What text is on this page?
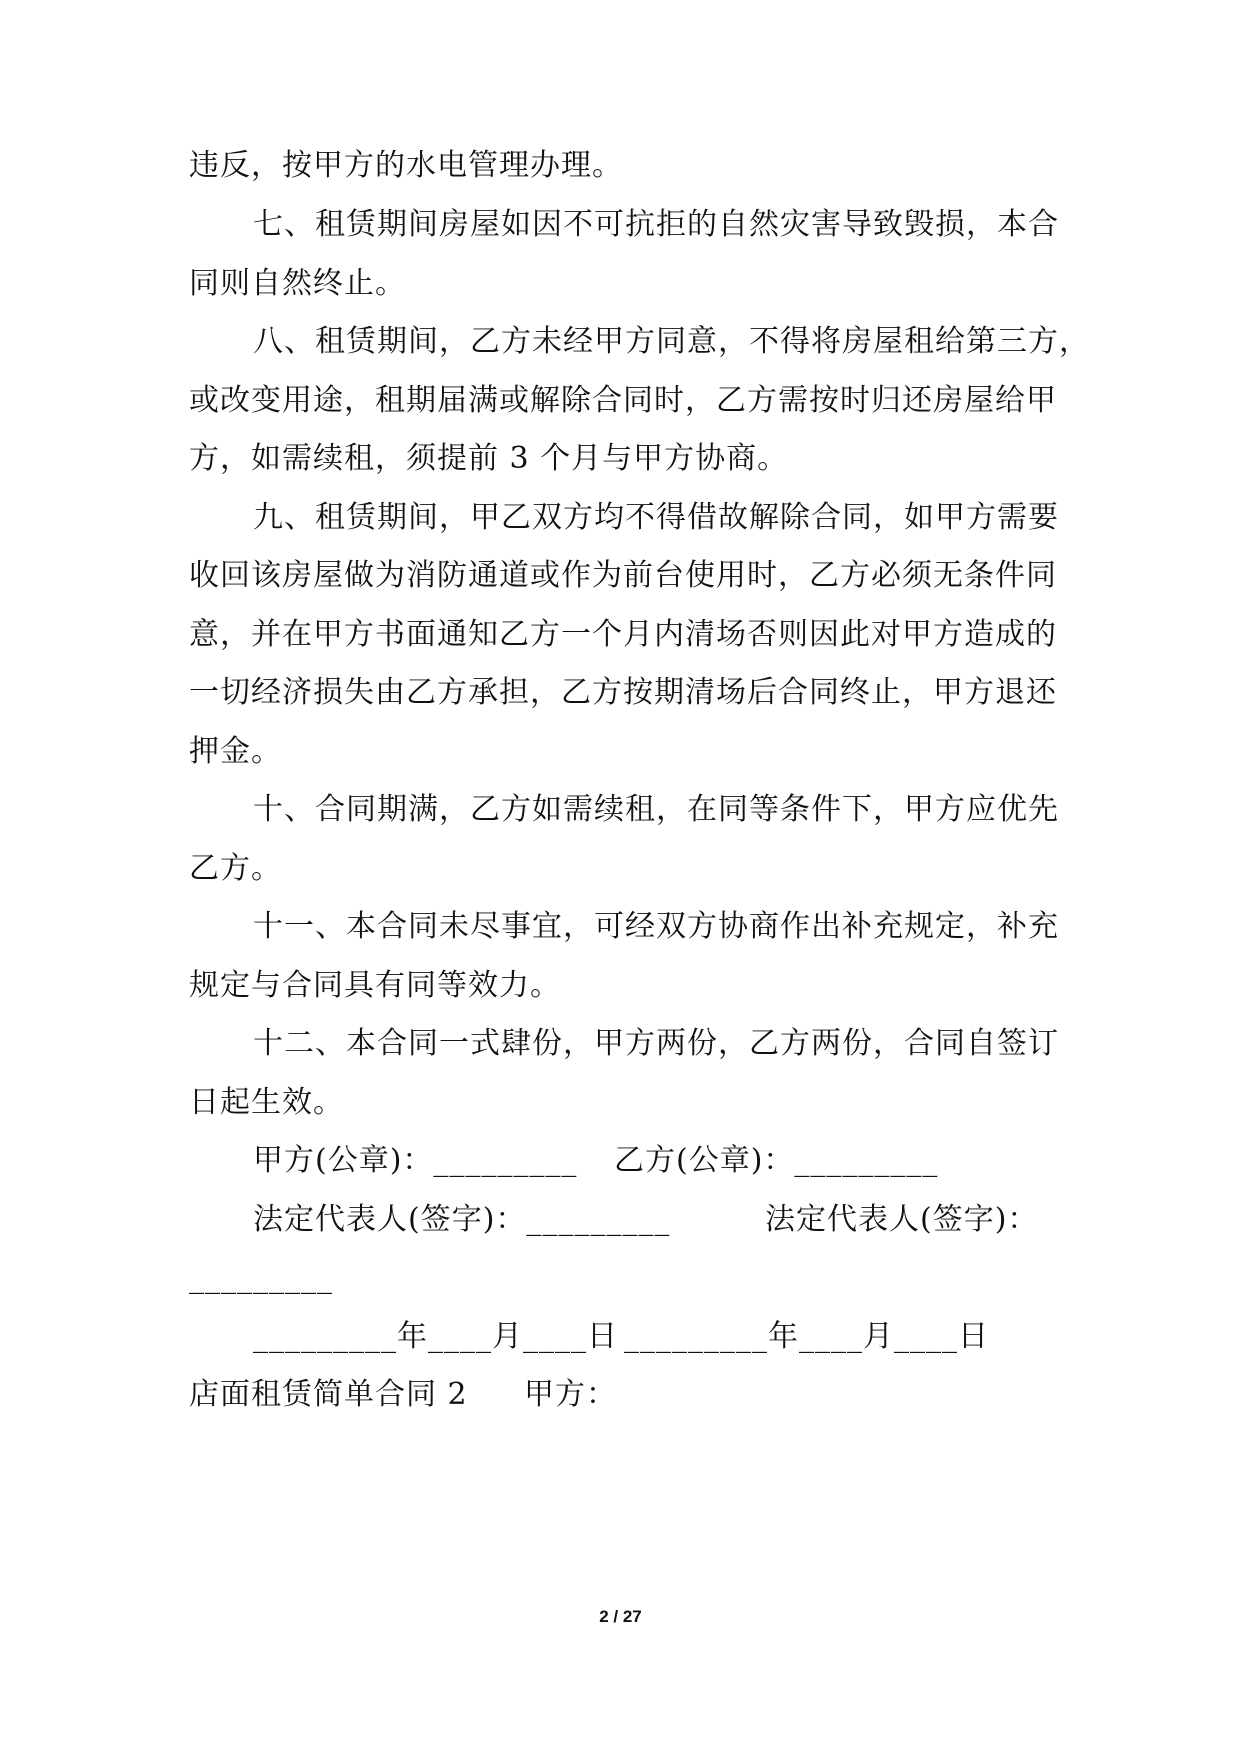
违反，按甲方的水电管理办理。
七、租赁期间房屋如因不可抗拒的自然灾害导致毁损，本合
同则自然终止。
八、租赁期间，乙方未经甲方同意，不得将房屋租给第三方，
或改变用途，租期届满或解除合同时，乙方需按时归还房屋给甲
方，如需续租，须提前 3 个月与甲方协商。
九、租赁期间，甲乙双方均不得借故解除合同，如甲方需要
收回该房屋做为消防通道或作为前台使用时，乙方必须无条件同
意，并在甲方书面通知乙方一个月内清场否则因此对甲方造成的
一切经济损失由乙方承担，乙方按期清场后合同终止，甲方退还
押金。
十、合同期满，乙方如需续租，在同等条件下，甲方应优先
乙方。
十一、本合同未尽事宜，可经双方协商作出补充规定，补充
规定与合同具有同等效力。
十二、本合同一式肆份，甲方两份，乙方两份，合同自签订
日起生效。
甲方(公章)：_________ 乙方(公章)：_________
法定代表人(签字)：_________	法定代表人(签字)：
_________
_________年____月____日 _________年____月____日
店面租赁简单合同 2 甲方：
2 / 27
